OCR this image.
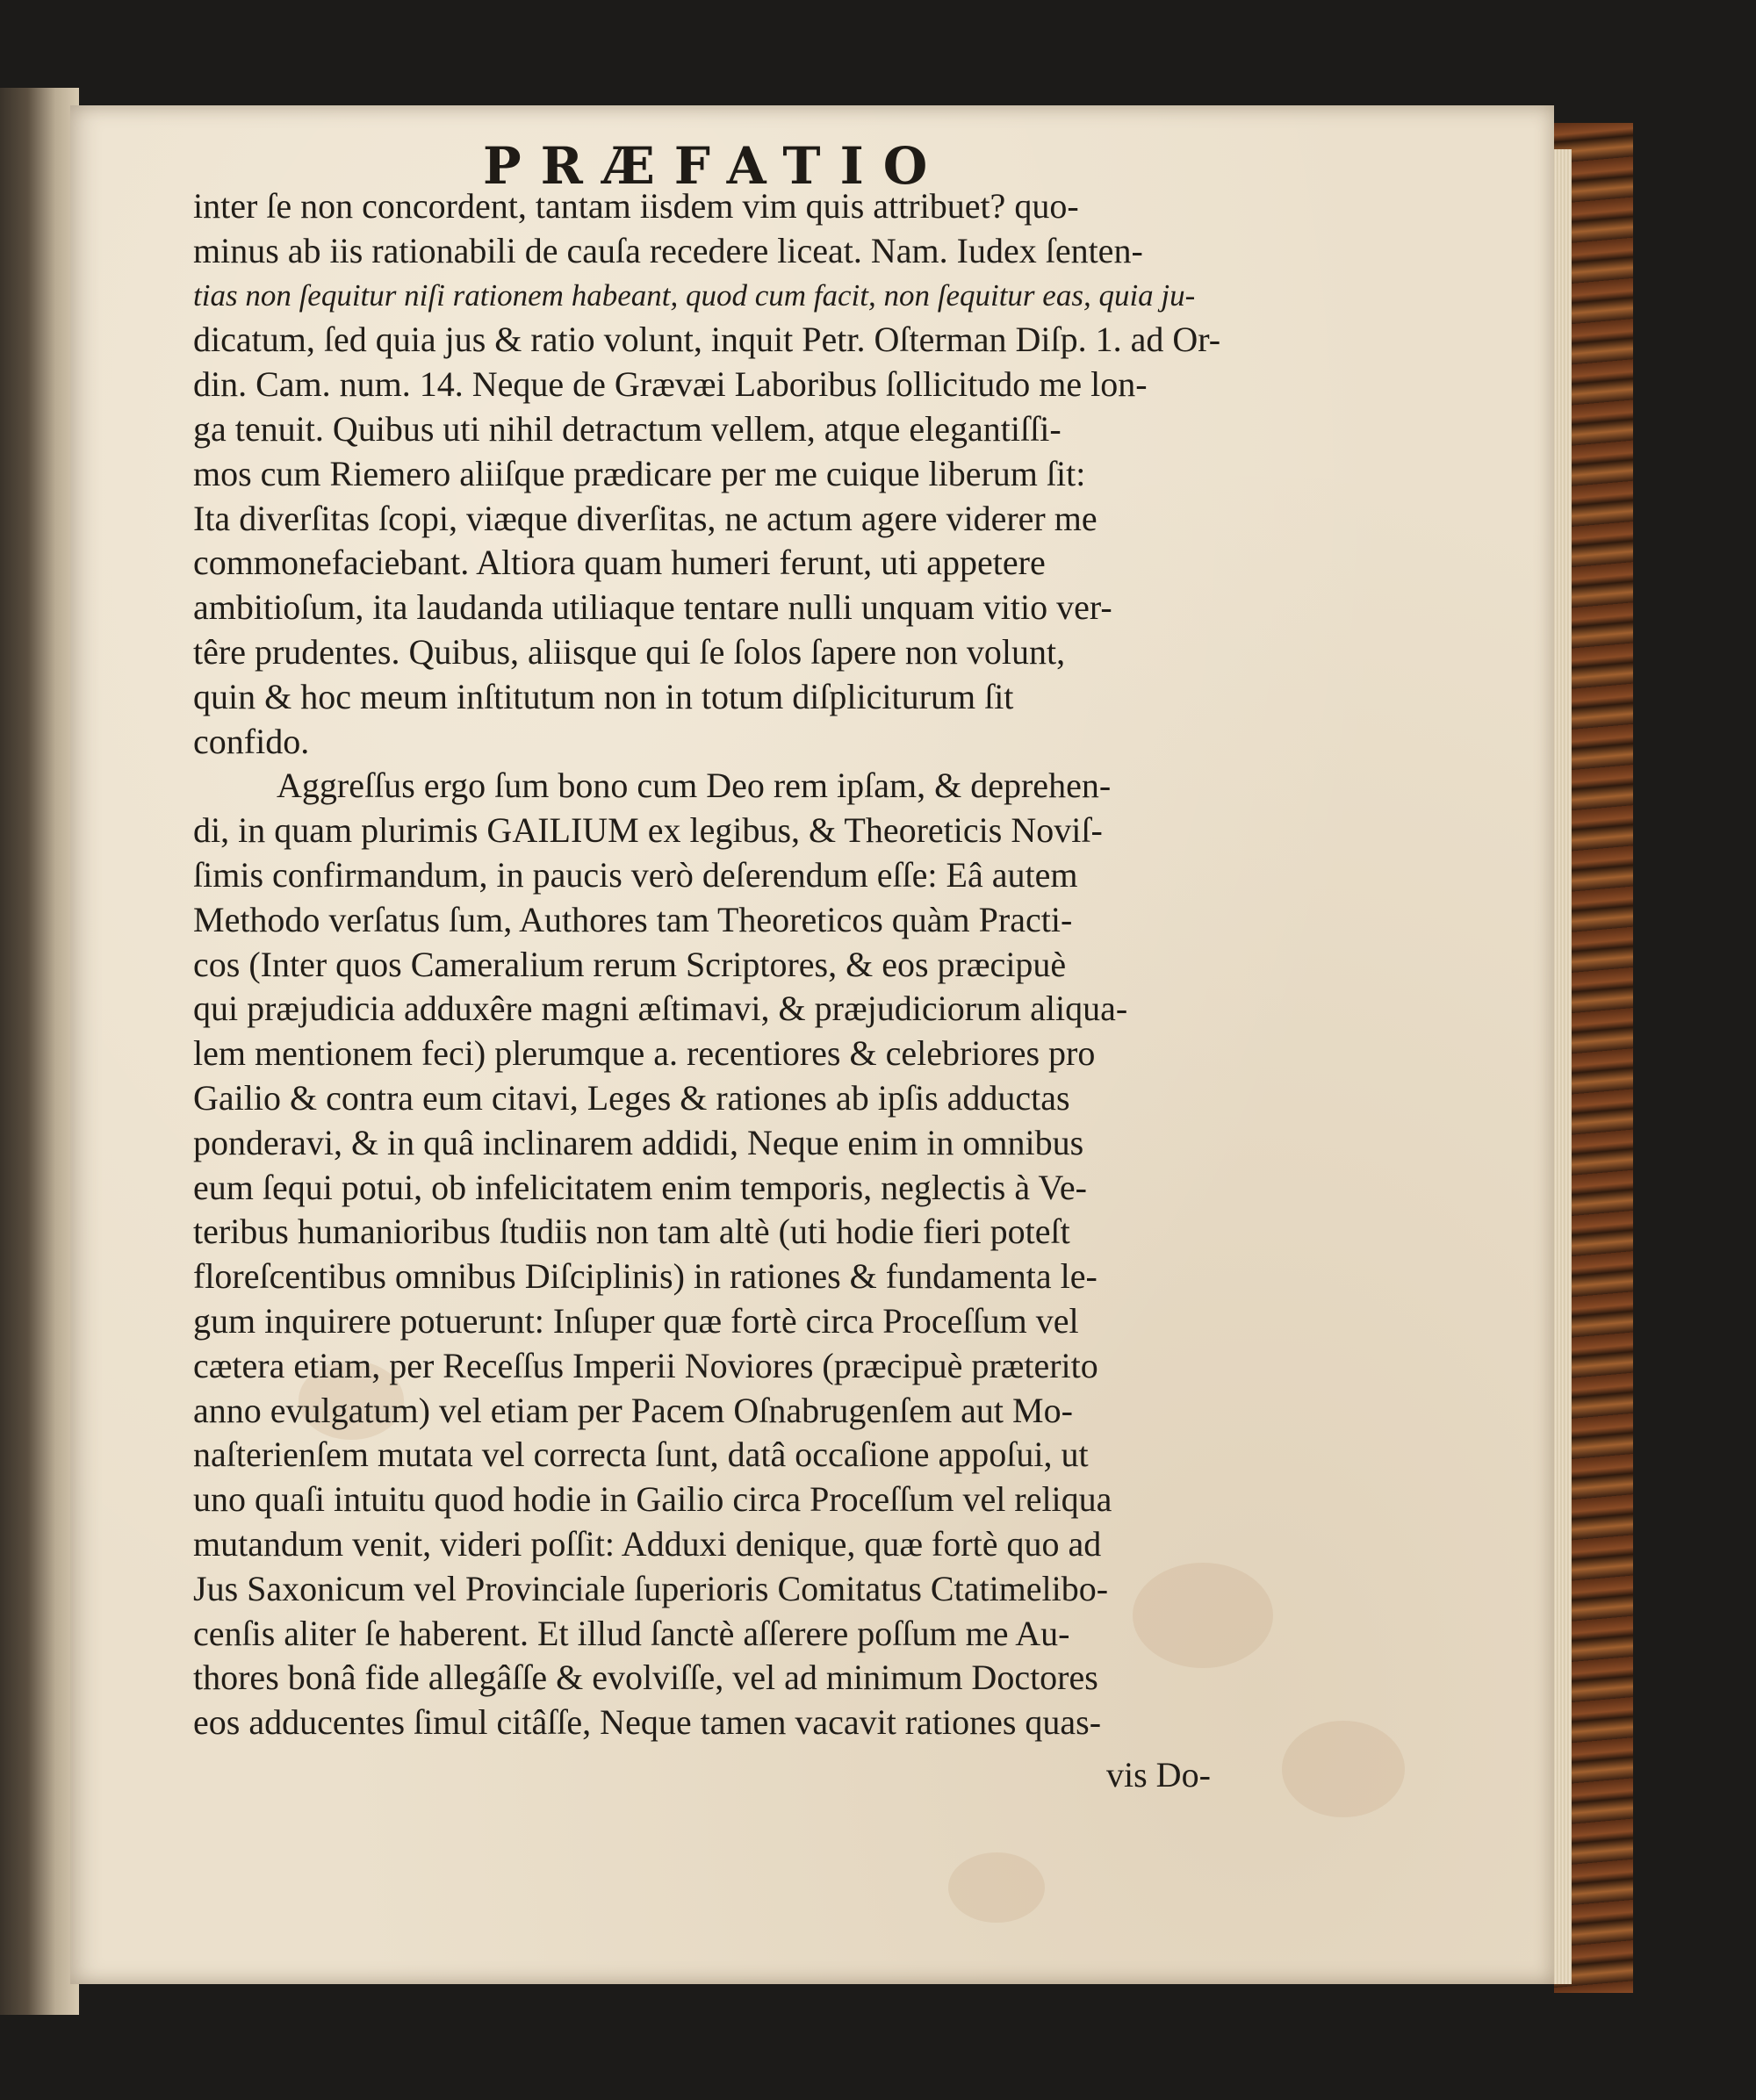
PRÆFATIO
inter ſe non concordent, tantam iisdem vim quis attribuet? quo-
minus ab iis rationabili de cauſa recedere liceat. Nam. Iudex ſenten-
tias non ſequitur niſi rationem habeant, quod cum facit, non ſequitur eas, quia ju-
dicatum, ſed quia jus & ratio volunt, inquit Petr. Oſterman Diſp. 1. ad Or-
din. Cam. num. 14. Neque de Grævæi Laboribus ſollicitudo me lon-
ga tenuit. Quibus uti nihil detractum vellem, atque elegantiſſi-
mos cum Riemero aliiſque prædicare per me cuique liberum ſit:
Ita diverſitas ſcopi, viæque diverſitas, ne actum agere viderer me
commonefaciebant. Altiora quam humeri ferunt, uti appetere
ambitioſum, ita laudanda utiliaque tentare nulli unquam vitio ver-
têre prudentes. Quibus, aliisque qui ſe ſolos ſapere non volunt,
quin & hoc meum inſtitutum non in totum diſpliciturum ſit
confido.
Aggreſſus ergo ſum bono cum Deo rem ipſam, & deprehen-
di, in quam plurimis GAILIUM ex legibus, & Theoreticis Noviſ-
ſimis confirmandum, in paucis verò deſerendum eſſe: Eâ autem
Methodo verſatus ſum, Authores tam Theoreticos quàm Practi-
cos (Inter quos Cameralium rerum Scriptores, & eos præcipuè
qui præjudicia adduxêre magni æſtimavi, & præjudiciorum aliqua-
lem mentionem feci) plerumque a. recentiores & celebriores pro
Gailio & contra eum citavi, Leges & rationes ab ipſis adductas
ponderavi, & in quâ inclinarem addidi, Neque enim in omnibus
eum ſequi potui, ob infelicitatem enim temporis, neglectis à Ve-
teribus humanioribus ſtudiis non tam altè (uti hodie fieri poteſt
floreſcentibus omnibus Diſciplinis) in rationes & fundamenta le-
gum inquirere potuerunt: Inſuper quæ fortè circa Proceſſum vel
cætera etiam, per Receſſus Imperii Noviores (præcipuè præterito
anno evulgatum) vel etiam per Pacem Oſnabrugenſem aut Mo-
naſterienſem mutata vel correcta ſunt, datâ occaſione appoſui, ut
uno quaſi intuitu quod hodie in Gailio circa Proceſſum vel reliqua
mutandum venit, videri poſſit: Adduxi denique, quæ fortè quo ad
Jus Saxonicum vel Provinciale ſuperioris Comitatus Ctatimelibo-
cenſis aliter ſe haberent. Et illud ſanctè aſſerere poſſum me Au-
thores bonâ fide allegâſſe & evolviſſe, vel ad minimum Doctores
eos adducentes ſimul citâſſe, Neque tamen vacavit rationes quas-
vis Do-
